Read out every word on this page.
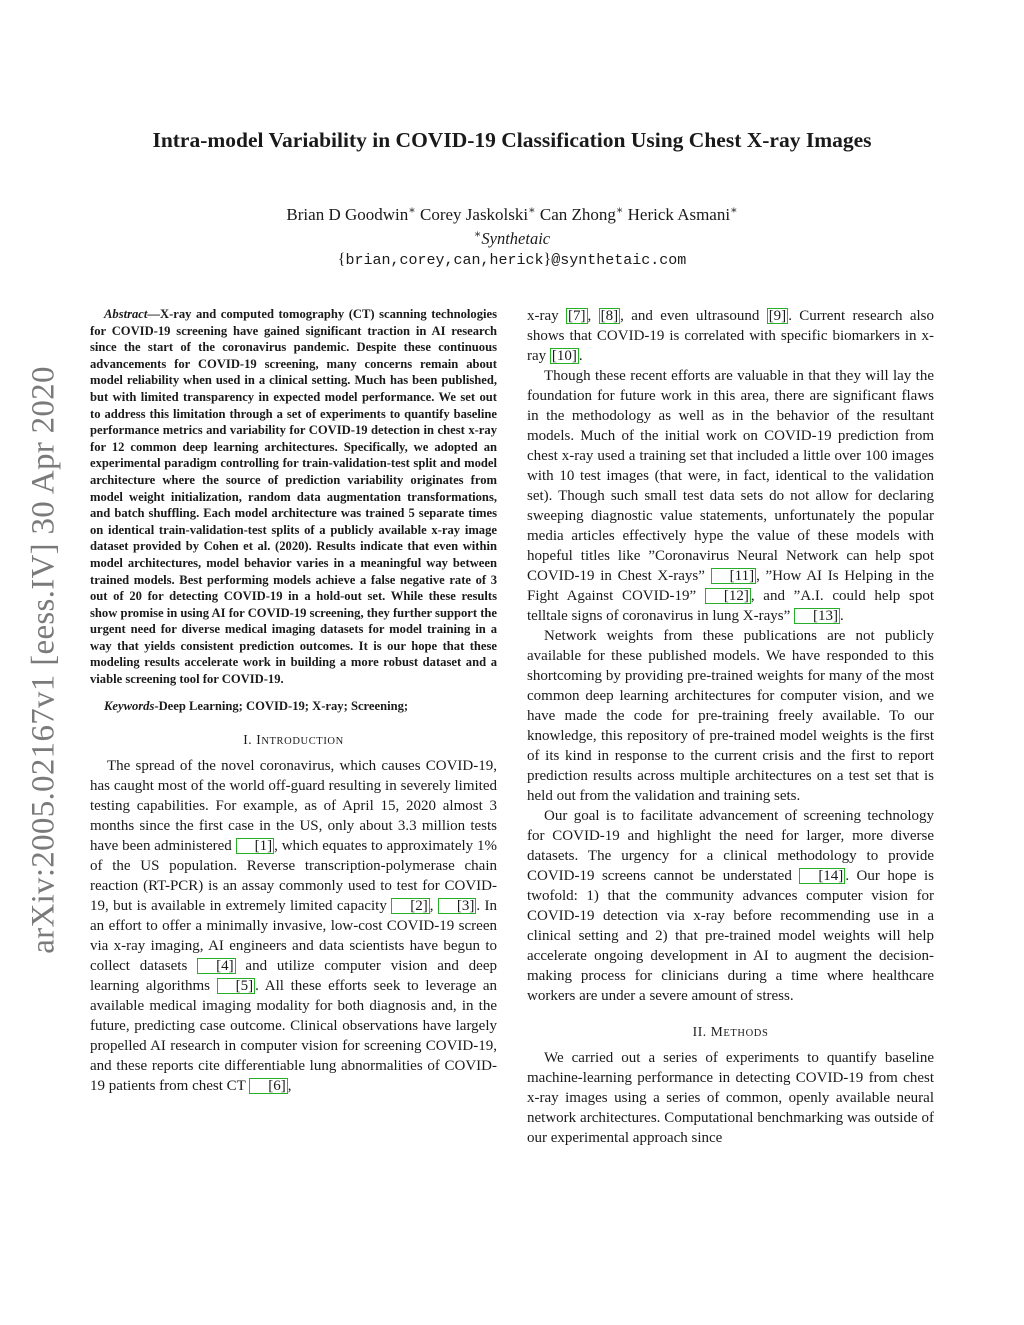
arXiv:2005.02167v1 [eess.IV] 30 Apr 2020
Intra-model Variability in COVID-19 Classification Using Chest X-ray Images
Brian D Goodwin∗ Corey Jaskolski∗ Can Zhong∗ Herick Asmani∗
∗Synthetaic
{brian,corey,can,herick}@synthetaic.com

Abstract—X-ray and computed tomography (CT) scanning technologies for COVID-19 screening have gained significant traction in AI research since the start of the coronavirus pandemic. Despite these continuous advancements for COVID-19 screening, many concerns remain about model reliability when used in a clinical setting. Much has been published, but with limited transparency in expected model performance. We set out to address this limitation through a set of experiments to quantify baseline performance metrics and variability for COVID-19 detection in chest x-ray for 12 common deep learning architectures. Specifically, we adopted an experimental paradigm controlling for train-validation-test split and model architecture where the source of prediction variability originates from model weight initialization, random data augmentation transformations, and batch shuffling. Each model architecture was trained 5 separate times on identical train-validation-test splits of a publicly available x-ray image dataset provided by Cohen et al. (2020). Results indicate that even within model architectures, model behavior varies in a meaningful way between trained models. Best performing models achieve a false negative rate of 3 out of 20 for detecting COVID-19 in a hold-out set. While these results show promise in using AI for COVID-19 screening, they further support the urgent need for diverse medical imaging datasets for model training in a way that yields consistent prediction outcomes. It is our hope that these modeling results accelerate work in building a more robust dataset and a viable screening tool for COVID-19.

Keywords-Deep Learning; COVID-19; X-ray; Screening;

I. INTRODUCTION

The spread of the novel coronavirus, which causes COVID-19, has caught most of the world off-guard resulting in severely limited testing capabilities. For example, as of April 15, 2020 almost 3 months since the first case in the US, only about 3.3 million tests have been administered [1] , which equates to approximately 1% of the US population. Reverse transcription-polymerase chain reaction (RT-PCR) is an assay commonly used to test for COVID-19, but is available in extremely limited capacity [2] , [3] . In an effort to offer a minimally invasive, low-cost COVID-19 screen via x-ray imaging, AI engineers and data scientists have begun to collect datasets [4] and utilize computer vision and deep learning algorithms [5] . All these efforts seek to leverage an available medical imaging modality for both diagnosis and, in the future, predicting case outcome. Clinical observations have largely propelled AI research in computer vision for screening COVID-19, and these reports cite differentiable lung abnormalities of COVID-19 patients from chest CT [6] ,

x-ray [7] , [8] , and even ultrasound [9] . Current research also shows that COVID-19 is correlated with specific biomarkers in x-ray [10] .

Though these recent efforts are valuable in that they will lay the foundation for future work in this area, there are significant flaws in the methodology as well as in the behavior of the resultant models. Much of the initial work on COVID-19 prediction from chest x-ray used a training set that included a little over 100 images with 10 test images (that were, in fact, identical to the validation set). Though such small test data sets do not allow for declaring sweeping diagnostic value statements, unfortunately the popular media articles effectively hype the value of these models with hopeful titles like ”Coronavirus Neural Network can help spot COVID-19 in Chest X-rays” [11] , ”How AI Is Helping in the Fight Against COVID-19” [12] , and ”A.I. could help spot telltale signs of coronavirus in lung X-rays” [13] .

Network weights from these publications are not publicly available for these published models. We have responded to this shortcoming by providing pre-trained weights for many of the most common deep learning architectures for computer vision, and we have made the code for pre-training freely available. To our knowledge, this repository of pre-trained model weights is the first of its kind in response to the current crisis and the first to report prediction results across multiple architectures on a test set that is held out from the validation and training sets.

Our goal is to facilitate advancement of screening technology for COVID-19 and highlight the need for larger, more diverse datasets. The urgency for a clinical methodology to provide COVID-19 screens cannot be understated [14] . Our hope is twofold: 1) that the community advances computer vision for COVID-19 detection via x-ray before recommending use in a clinical setting and 2) that pre-trained model weights will help accelerate ongoing development in AI to augment the decision-making process for clinicians during a time where healthcare workers are under a severe amount of stress.

II. METHODS

We carried out a series of experiments to quantify baseline machine-learning performance in detecting COVID-19 from chest x-ray images using a series of common, openly available neural network architectures. Computational benchmarking was outside of our experimental approach since
